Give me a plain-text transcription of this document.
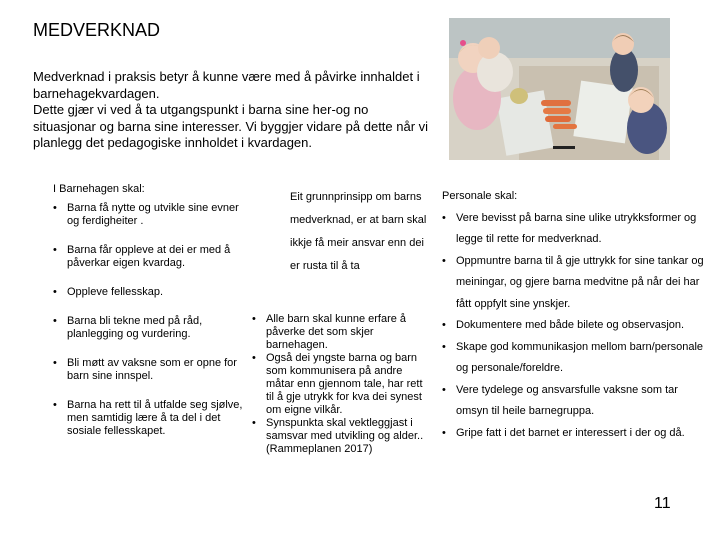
MEDVERKNAD

Medverknad i praksis betyr å kunne være med å påvirke innhaldet i barnehagekvardagen.

Dette gjær vi ved å ta utgangspunkt i barna sine her-og no situasjonar og barna sine interesser. Vi byggjer vidare på dette når vi planlegg det pedagogiske innholdet i kvardagen.

I Barnehagen skal:
• Barna få nytte og utvikle sine evner og ferdigheiter .
• Barna får oppleve at dei er med å påverkar eigen kvardag.
• Oppleve fellesskap.
• Barna bli tekne med på råd, planlegging og vurdering.
• Bli møtt av vaksne som er opne for barn sine innspel.
• Barna ha rett til å utfalde seg sjølve, men samtidig lære å ta del i det sosiale fellesskapet.
Eit grunnprinsipp om barns medverknad, er at barn skal ikkje få meir ansvar enn dei er rusta til å ta
• Alle barn skal kunne erfare å påverke det som skjer barnehagen.
• Også dei yngste barna og barn som kommunisera på andre måtar enn gjennom tale, har rett til å gje utrykk for kva dei synest om eigne vilkår.
• Synspunkta skal vektleggjast i samsvar med utvikling og alder.. (Rammeplanen 2017)
Personale skal:
• Vere bevisst på barna sine ulike utrykksformer og legge til rette for medverknad.
• Oppmuntre barna til å gje uttrykk for sine tankar og meiningar, og gjere barna medvitne på når dei har fått oppfylt sine ynskjer.
• Dokumentere med både bilete og observasjon.
• Skape god kommunikasjon mellom barn/personale og personale/foreldre.
• Vere tydelege og ansvarsfulle vaksne som tar omsyn til heile barnegruppa.
• Gripe fatt i det barnet er interessert i der og då.
11
